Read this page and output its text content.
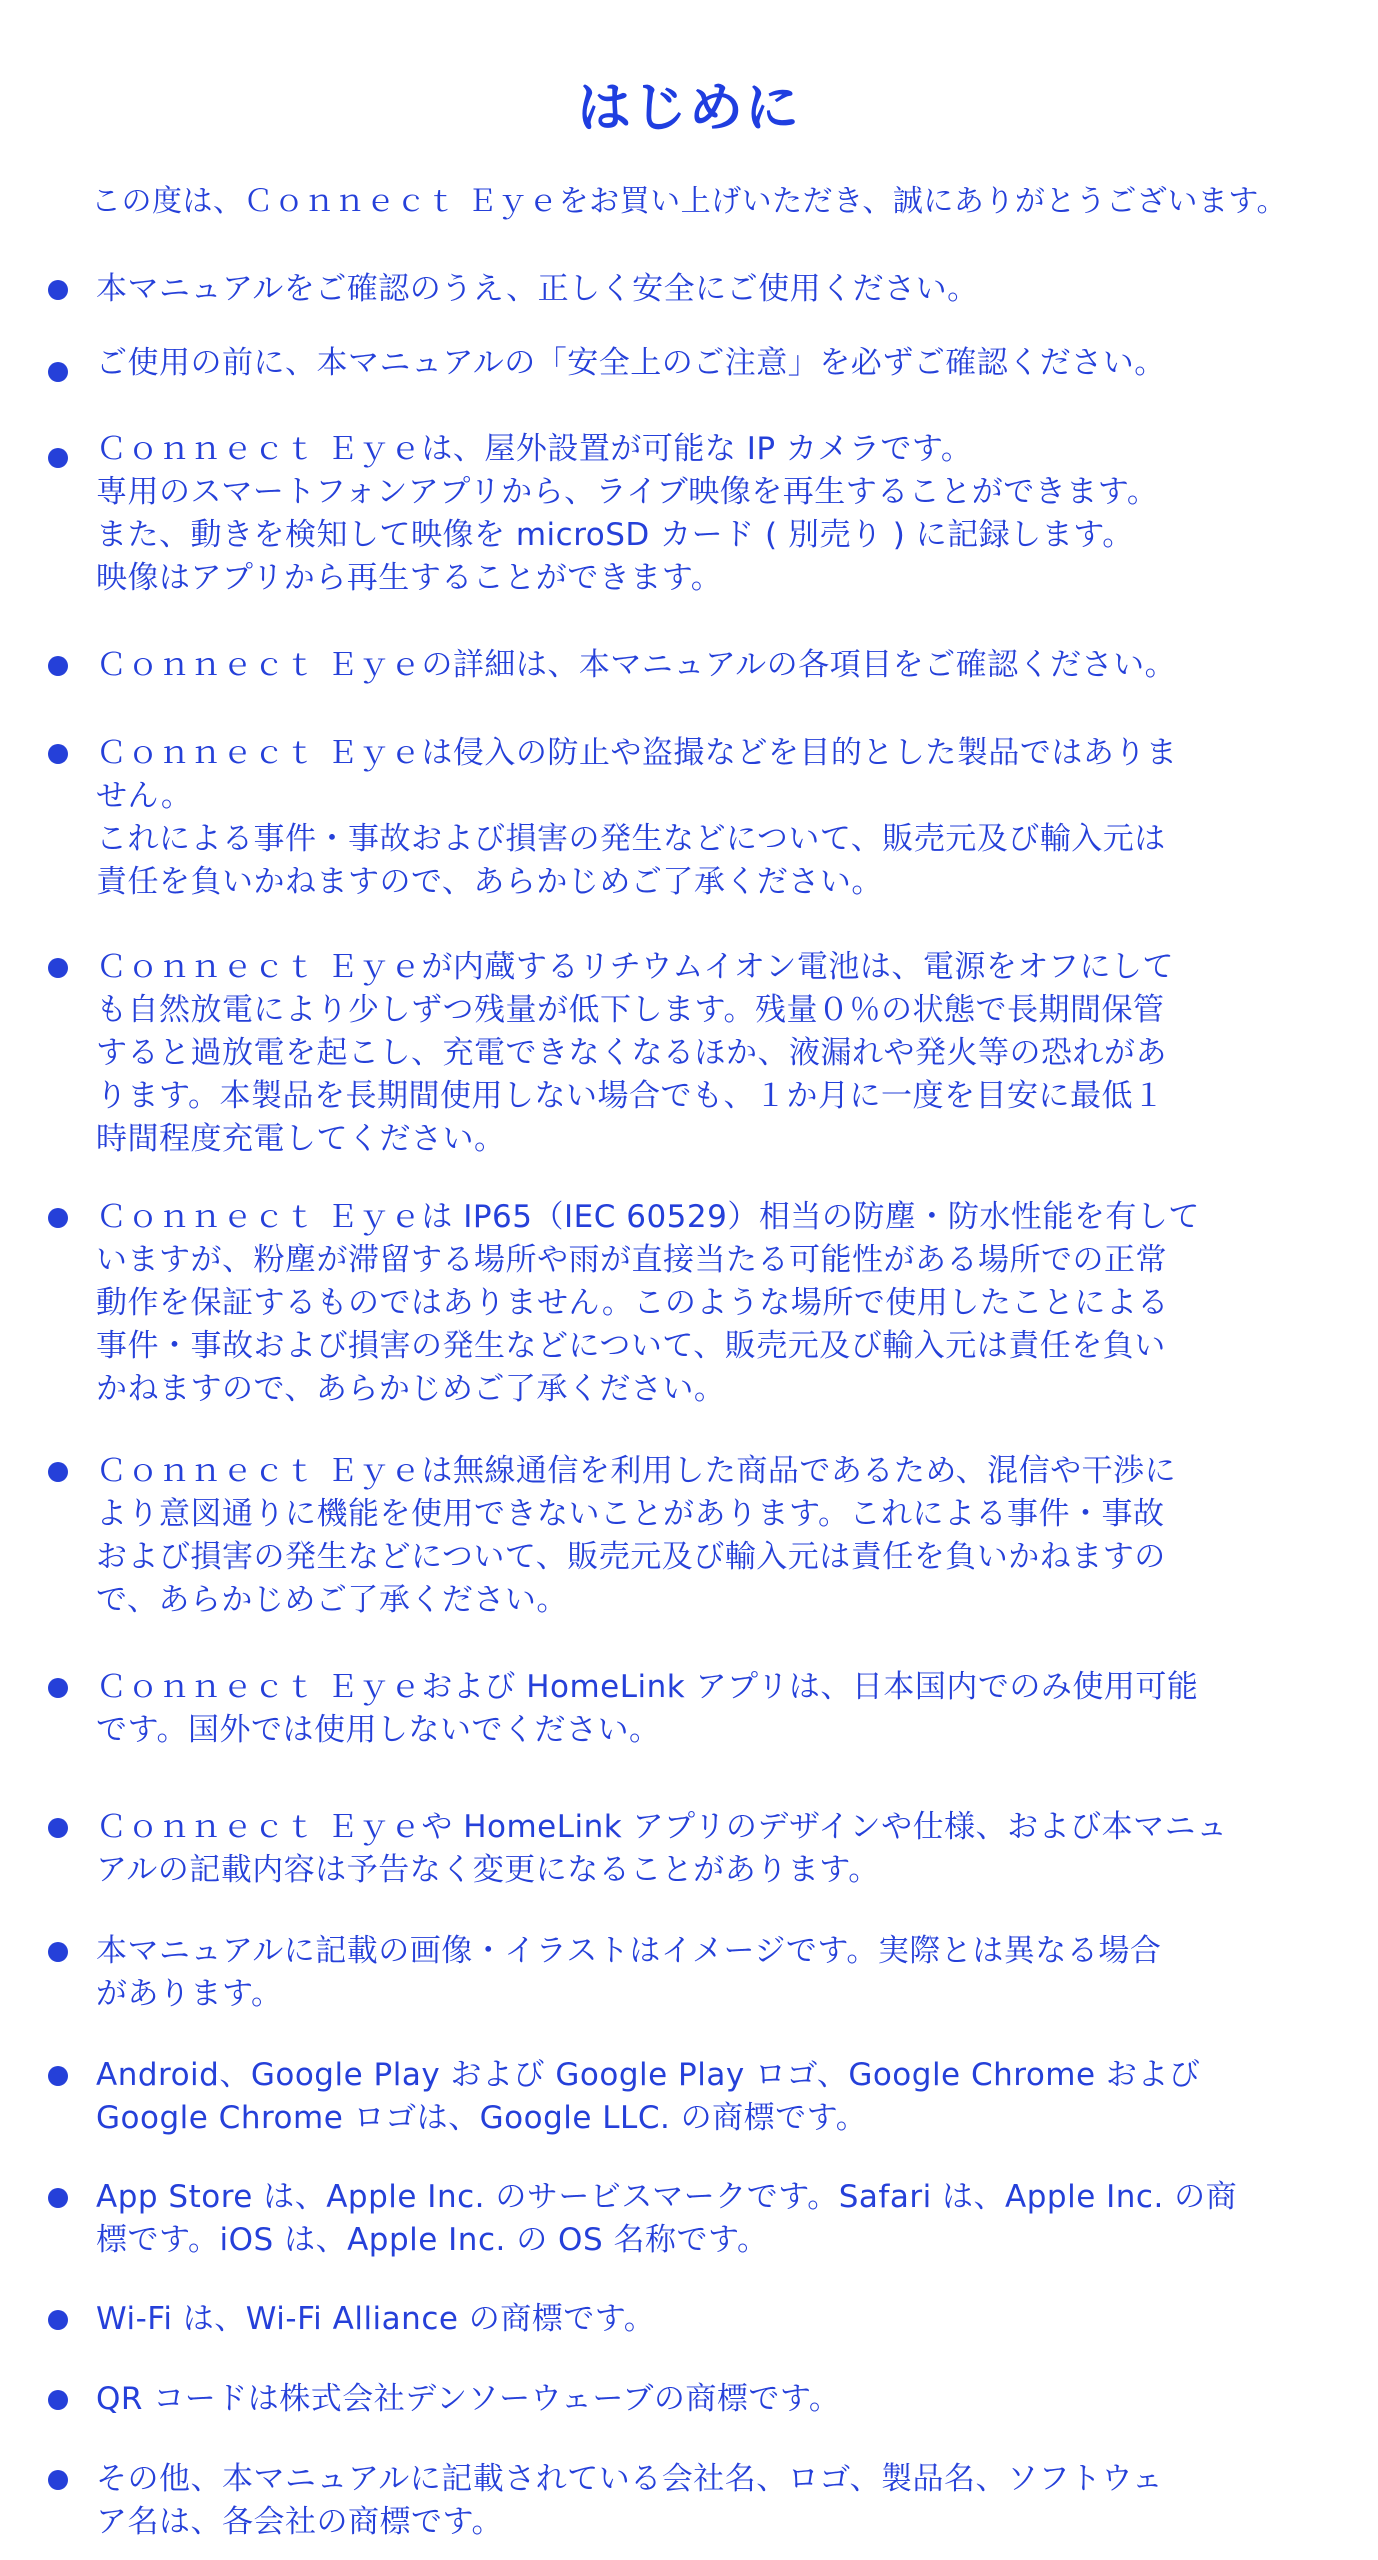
はじめに

この度は、Ｃｏｎｎｅｃｔ Ｅｙｅをお買い上げいただき、誠にありがとうございます。

本マニュアルをご確認のうえ、正しく安全にご使用ください。

ご使用の前に、本マニュアルの「安全上のご注意」を必ずご確認ください。

Ｃｏｎｎｅｃｔ Ｅｙｅは、屋外設置が可能な IP カメラです。
専用のスマートフォンアプリから、ライブ映像を再生することができます。
また、動きを検知して映像を microSD カード ( 別売り ) に記録します。
映像はアプリから再生することができます。

Ｃｏｎｎｅｃｔ Ｅｙｅの詳細は、本マニュアルの各項目をご確認ください。

Ｃｏｎｎｅｃｔ Ｅｙｅは侵入の防止や盗撮などを目的とした製品ではありま
せん。
これによる事件・事故および損害の発生などについて、販売元及び輸入元は
責任を負いかねますので、あらかじめご了承ください。

Ｃｏｎｎｅｃｔ Ｅｙｅが内蔵するリチウムイオン電池は、電源をオフにして
も自然放電により少しずつ残量が低下します。残量０％の状態で長期間保管
すると過放電を起こし、充電できなくなるほか、液漏れや発火等の恐れがあ
ります。本製品を長期間使用しない場合でも、１か月に一度を目安に最低１
時間程度充電してください。

Ｃｏｎｎｅｃｔ Ｅｙｅは IP65（IEC 60529）相当の防塵・防水性能を有して
いますが、粉塵が滞留する場所や雨が直接当たる可能性がある場所での正常
動作を保証するものではありません。このような場所で使用したことによる
事件・事故および損害の発生などについて、販売元及び輸入元は責任を負い
かねますので、あらかじめご了承ください。

Ｃｏｎｎｅｃｔ Ｅｙｅは無線通信を利用した商品であるため、混信や干渉に
より意図通りに機能を使用できないことがあります。これによる事件・事故
および損害の発生などについて、販売元及び輸入元は責任を負いかねますの
で、あらかじめご了承ください。

Ｃｏｎｎｅｃｔ Ｅｙｅおよび HomeLink アプリは、日本国内でのみ使用可能
です。国外では使用しないでください。

Ｃｏｎｎｅｃｔ Ｅｙｅや HomeLink アプリのデザインや仕様、および本マニュ
アルの記載内容は予告なく変更になることがあります。

本マニュアルに記載の画像・イラストはイメージです。実際とは異なる場合
があります。

Android、Google Play および Google Play ロゴ、Google Chrome および
Google Chrome ロゴは、Google LLC. の商標です。

App Store は、Apple Inc. のサービスマークです。Safari は、Apple Inc. の商
標です。iOS は、Apple Inc. の OS 名称です。

Wi-Fi は、Wi-Fi Alliance の商標です。

QR コードは株式会社デンソーウェーブの商標です。

その他、本マニュアルに記載されている会社名、ロゴ、製品名、ソフトウェ
ア名は、各会社の商標です。
